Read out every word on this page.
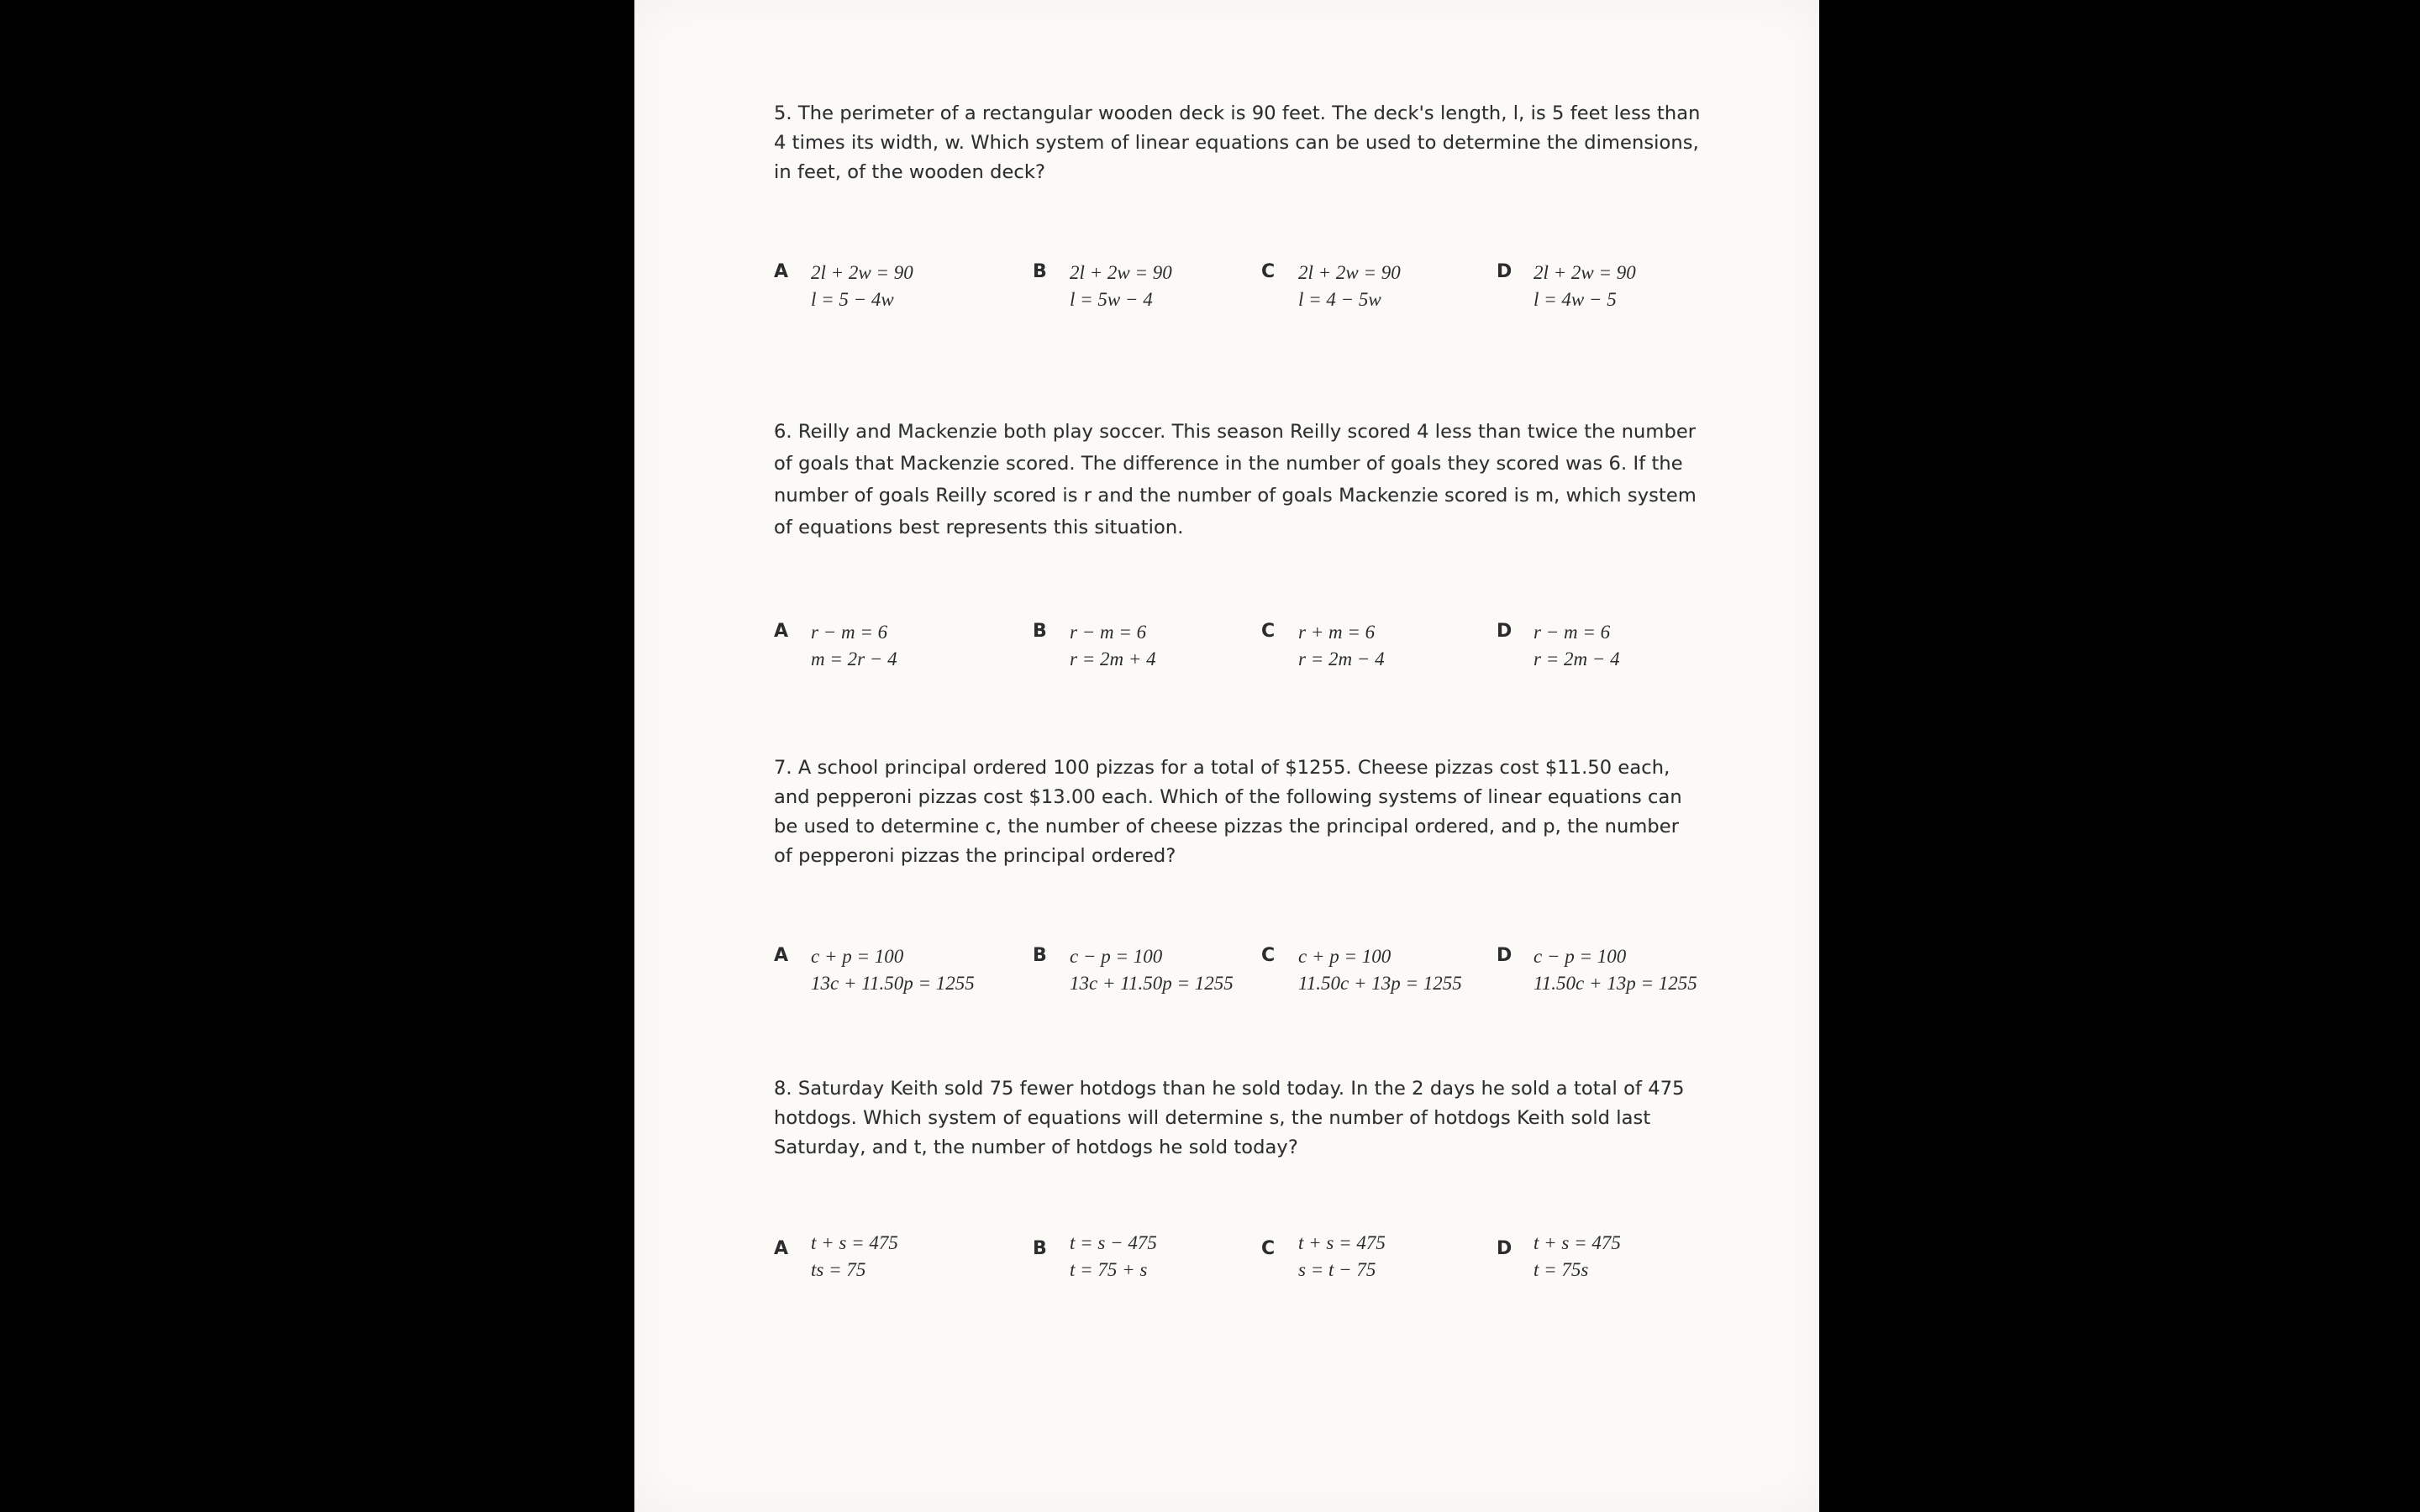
5. The perimeter of a rectangular wooden deck is 90 feet. The deck's length, l, is 5 feet less than 4 times its width, w. Which system of linear equations can be used to determine the dimensions, in feet, of the wooden deck?
A 2l + 2w = 90
l = 5 − 4w
B 2l + 2w = 90
l = 5w − 4
C 2l + 2w = 90
l = 4 − 5w
D 2l + 2w = 90
l = 4w − 5
6. Reilly and Mackenzie both play soccer. This season Reilly scored 4 less than twice the number of goals that Mackenzie scored. The difference in the number of goals they scored was 6. If the number of goals Reilly scored is r and the number of goals Mackenzie scored is m, which system of equations best represents this situation.
A r − m = 6
m = 2r − 4
B r − m = 6
r = 2m + 4
C r + m = 6
r = 2m − 4
D r − m = 6
r = 2m − 4
7. A school principal ordered 100 pizzas for a total of $1255. Cheese pizzas cost $11.50 each, and pepperoni pizzas cost $13.00 each. Which of the following systems of linear equations can be used to determine c, the number of cheese pizzas the principal ordered, and p, the number of pepperoni pizzas the principal ordered?
A c + p = 100
13c + 11.50p = 1255
B c − p = 100
13c + 11.50p = 1255
C c + p = 100
11.50c + 13p = 1255
D c − p = 100
11.50c + 13p = 1255
8. Saturday Keith sold 75 fewer hotdogs than he sold today. In the 2 days he sold a total of 475 hotdogs. Which system of equations will determine s, the number of hotdogs Keith sold last Saturday, and t, the number of hotdogs he sold today?
A t + s = 475
ts = 75
B t = s − 475
t = 75 + s
C t + s = 475
s = t − 75
D t + s = 475
t = 75s
